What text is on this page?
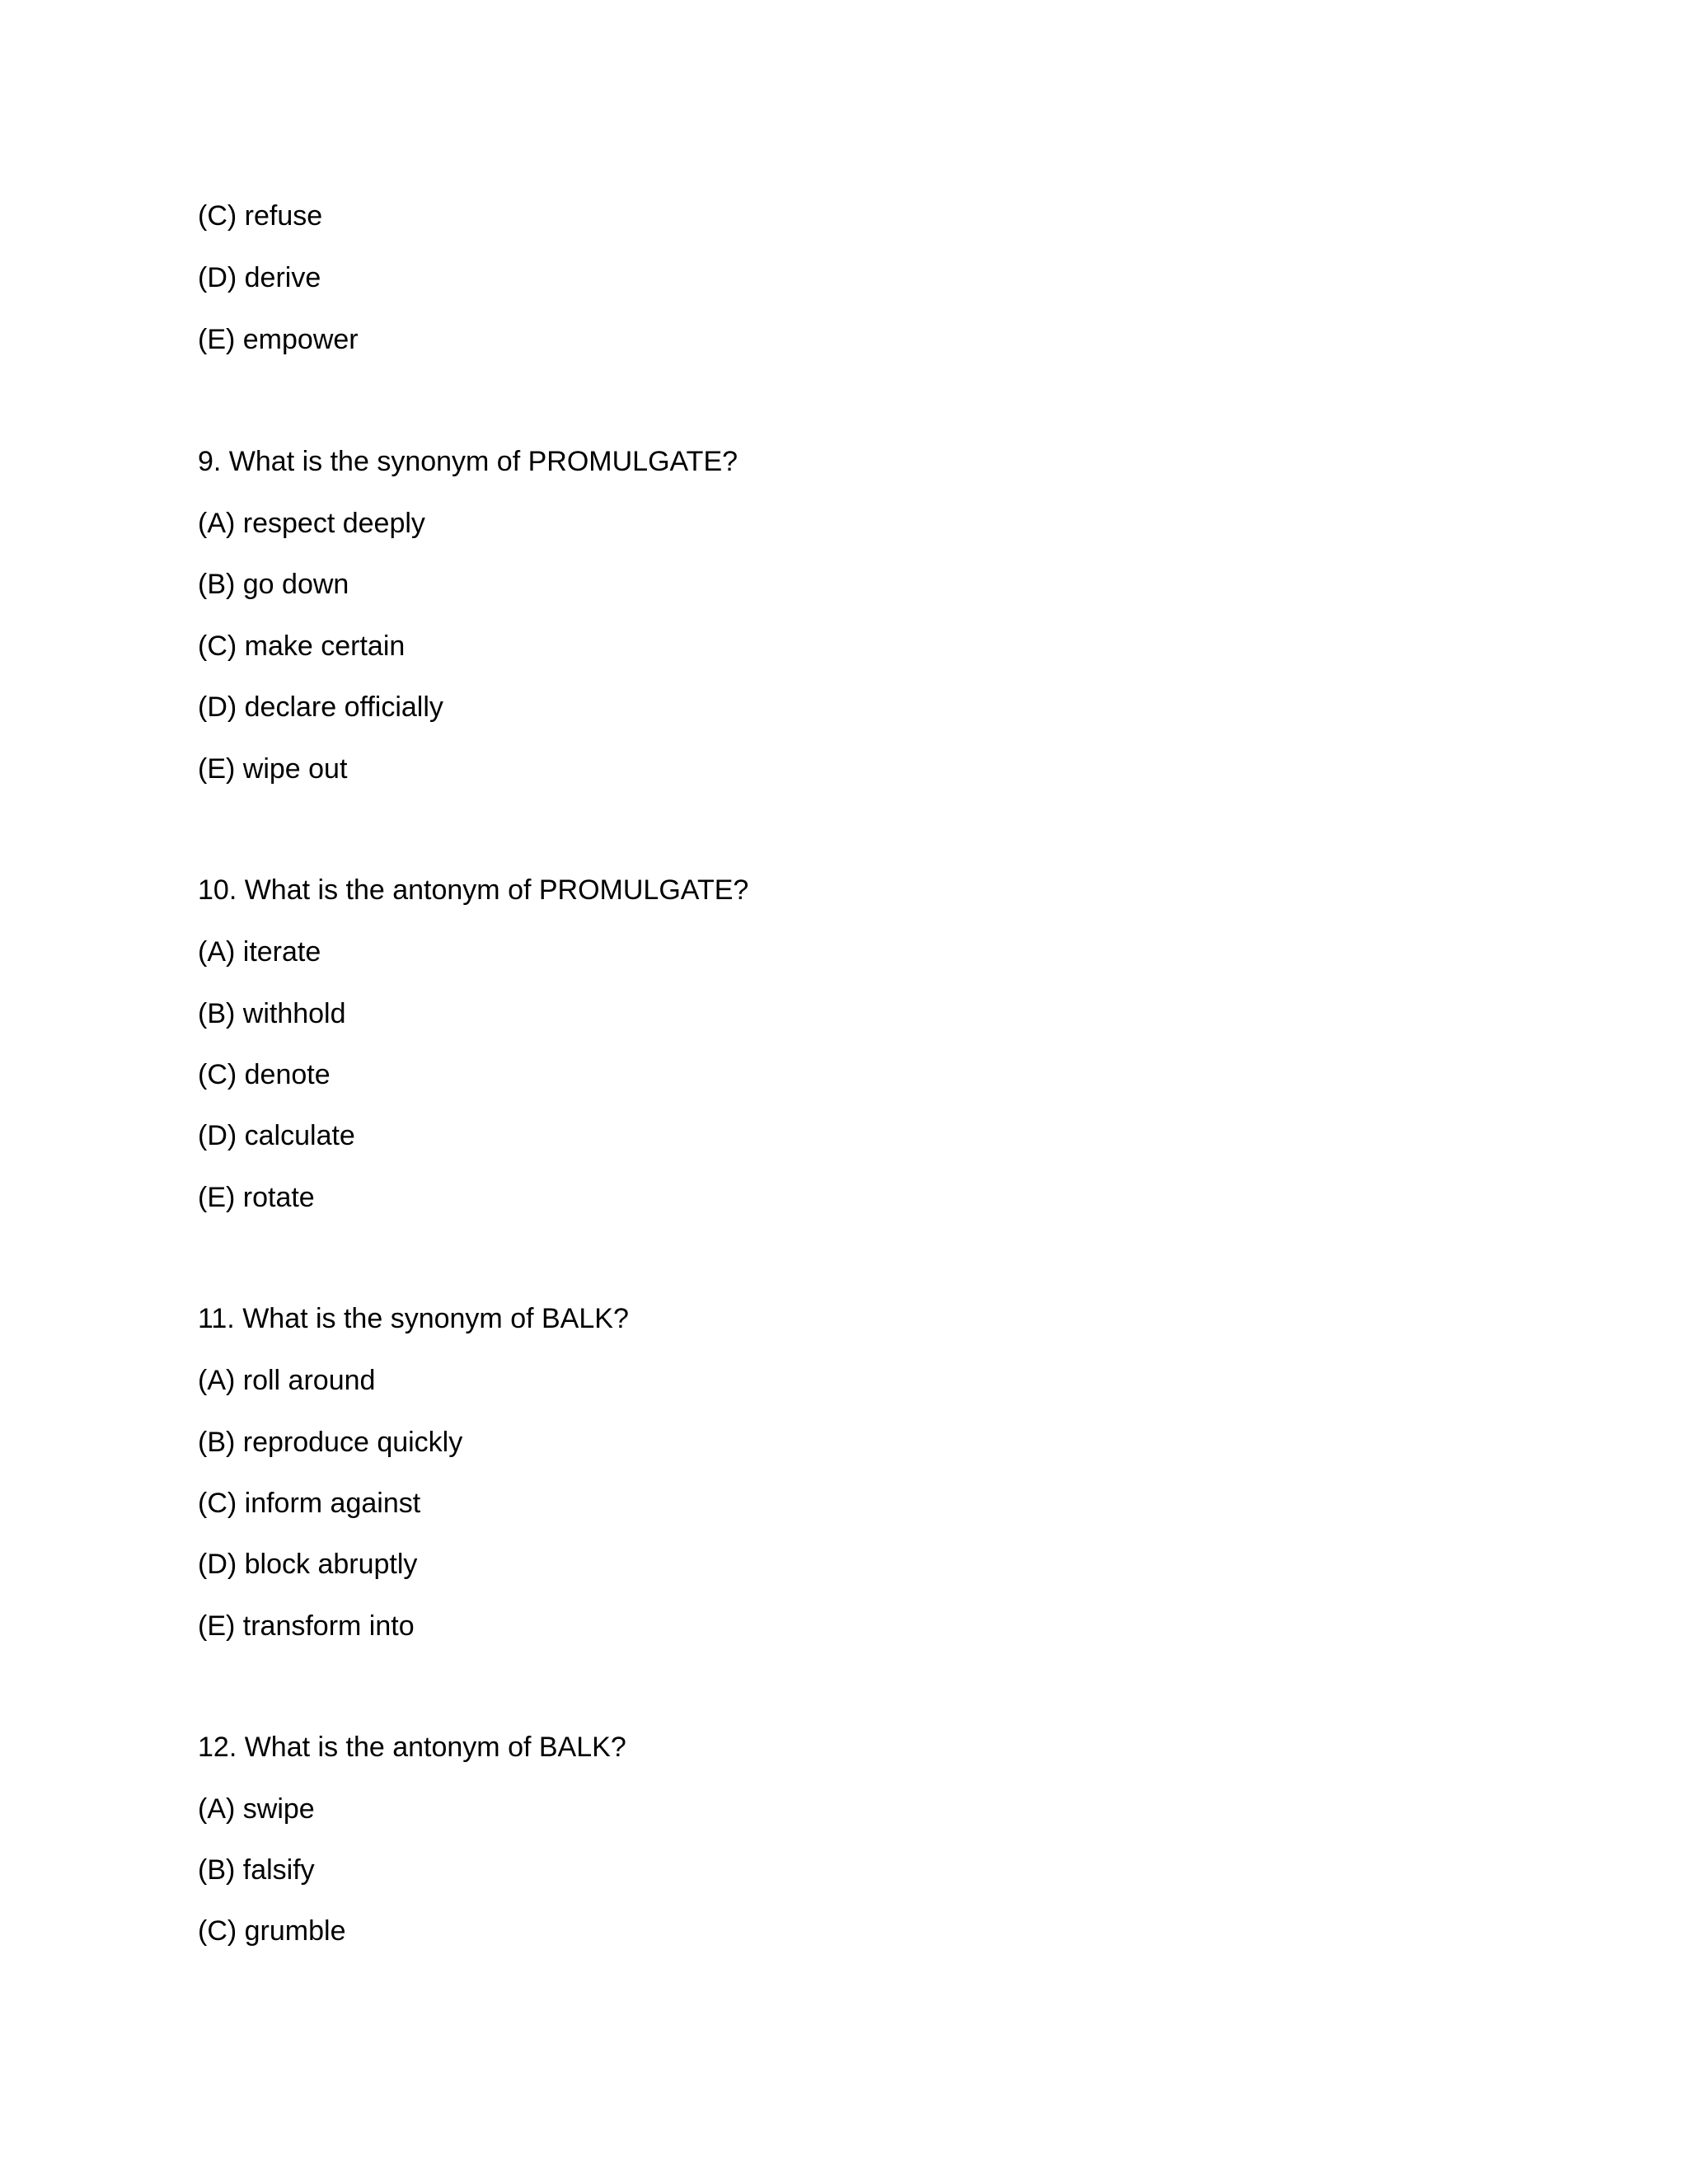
(C) refuse
(D) derive
(E) empower
9. What is the synonym of PROMULGATE?
(A) respect deeply
(B) go down
(C) make certain
(D) declare officially
(E) wipe out
10. What is the antonym of PROMULGATE?
(A) iterate
(B) withhold
(C) denote
(D) calculate
(E) rotate
11. What is the synonym of BALK?
(A) roll around
(B) reproduce quickly
(C) inform against
(D) block abruptly
(E) transform into
12. What is the antonym of BALK?
(A) swipe
(B) falsify
(C) grumble
